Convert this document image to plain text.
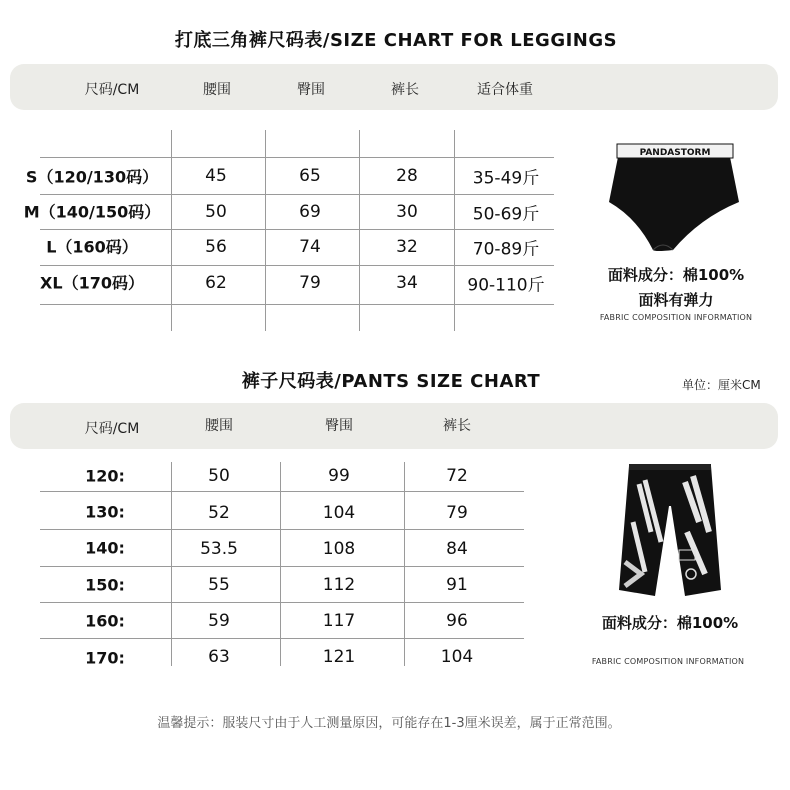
打底三角裤尺码表/SIZE CHART FOR LEGGINGS
尺码/CM	腰围	臀围	裤长	适合体重
S（120/130码）	45	65	28	35-49斤
M（140/150码）	50	69	30	50-69斤
L（160码）	56	74	32	70-89斤
XL（170码）	62	79	34	90-110斤
PANDASTORM
面料成分：棉100%
面料有弹力
FABRIC COMPOSITION INFORMATION
裤子尺码表/PANTS SIZE CHART	单位：厘米CM
尺码/CM	腰围	臀围	裤长
120:	50	99	72
130:	52	104	79
140:	53.5	108	84
150:	55	112	91
160:	59	117	96
170:	63	121	104
面料成分：棉100%
FABRIC COMPOSITION INFORMATION
温馨提示：服装尺寸由于人工测量原因，可能存在1-3厘米误差，属于正常范围。
